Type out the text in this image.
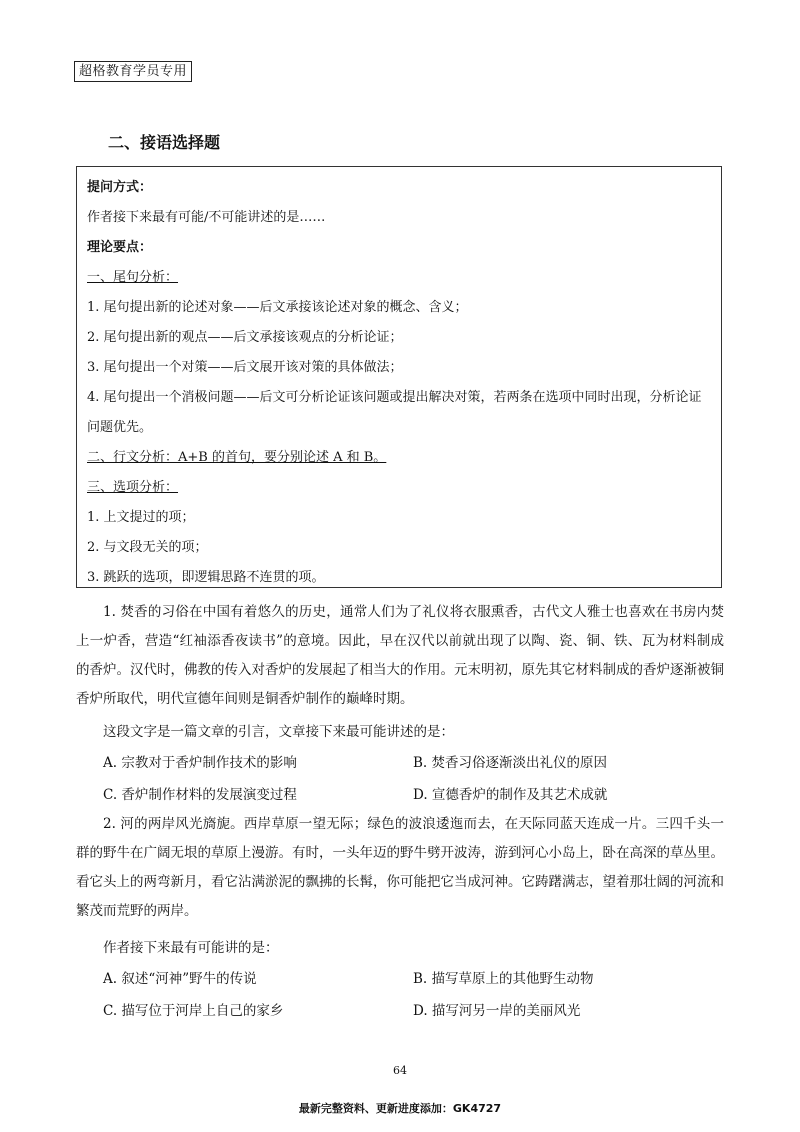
超格教育学员专用
二、接语选择题
提问方式：
作者接下来最有可能/不可能讲述的是……
理论要点：
一、尾句分析：
1. 尾句提出新的论述对象——后文承接该论述对象的概念、含义；
2. 尾句提出新的观点——后文承接该观点的分析论证；
3. 尾句提出一个对策——后文展开该对策的具体做法；
4. 尾句提出一个消极问题——后文可分析论证该问题或提出解决对策，若两条在选项中同时出现，分析论证问题优先。
二、行文分析：A+B 的首句，要分别论述 A 和 B。
三、选项分析：
1. 上文提过的项；
2. 与文段无关的项；
3. 跳跃的选项，即逻辑思路不连贯的项。

1. 焚香的习俗在中国有着悠久的历史，通常人们为了礼仪将衣服熏香，古代文人雅士也喜欢在书房内焚上一炉香，营造“红袖添香夜读书”的意境。因此，早在汉代以前就出现了以陶、瓷、铜、铁、瓦为材料制成的香炉。汉代时，佛教的传入对香炉的发展起了相当大的作用。元末明初，原先其它材料制成的香炉逐渐被铜香炉所取代，明代宣德年间则是铜香炉制作的巅峰时期。

这段文字是一篇文章的引言，文章接下来最可能讲述的是：

A. 宗教对于香炉制作技术的影响	B. 焚香习俗逐渐淡出礼仪的原因
C. 香炉制作材料的发展演变过程	D. 宣德香炉的制作及其艺术成就

2. 河的两岸风光旖旎。西岸草原一望无际；绿色的波浪逶迤而去，在天际同蓝天连成一片。三四千头一群的野牛在广阔无垠的草原上漫游。有时，一头年迈的野牛劈开波涛，游到河心小岛上，卧在高深的草丛里。看它头上的两弯新月，看它沾满淤泥的飘拂的长髯，你可能把它当成河神。它踌躇满志，望着那壮阔的河流和繁茂而荒野的两岸。

作者接下来最有可能讲的是：

A. 叙述“河神”野牛的传说	B. 描写草原上的其他野生动物
C. 描写位于河岸上自己的家乡	D. 描写河另一岸的美丽风光
64
最新完整资料、更新进度添加：GK4727
